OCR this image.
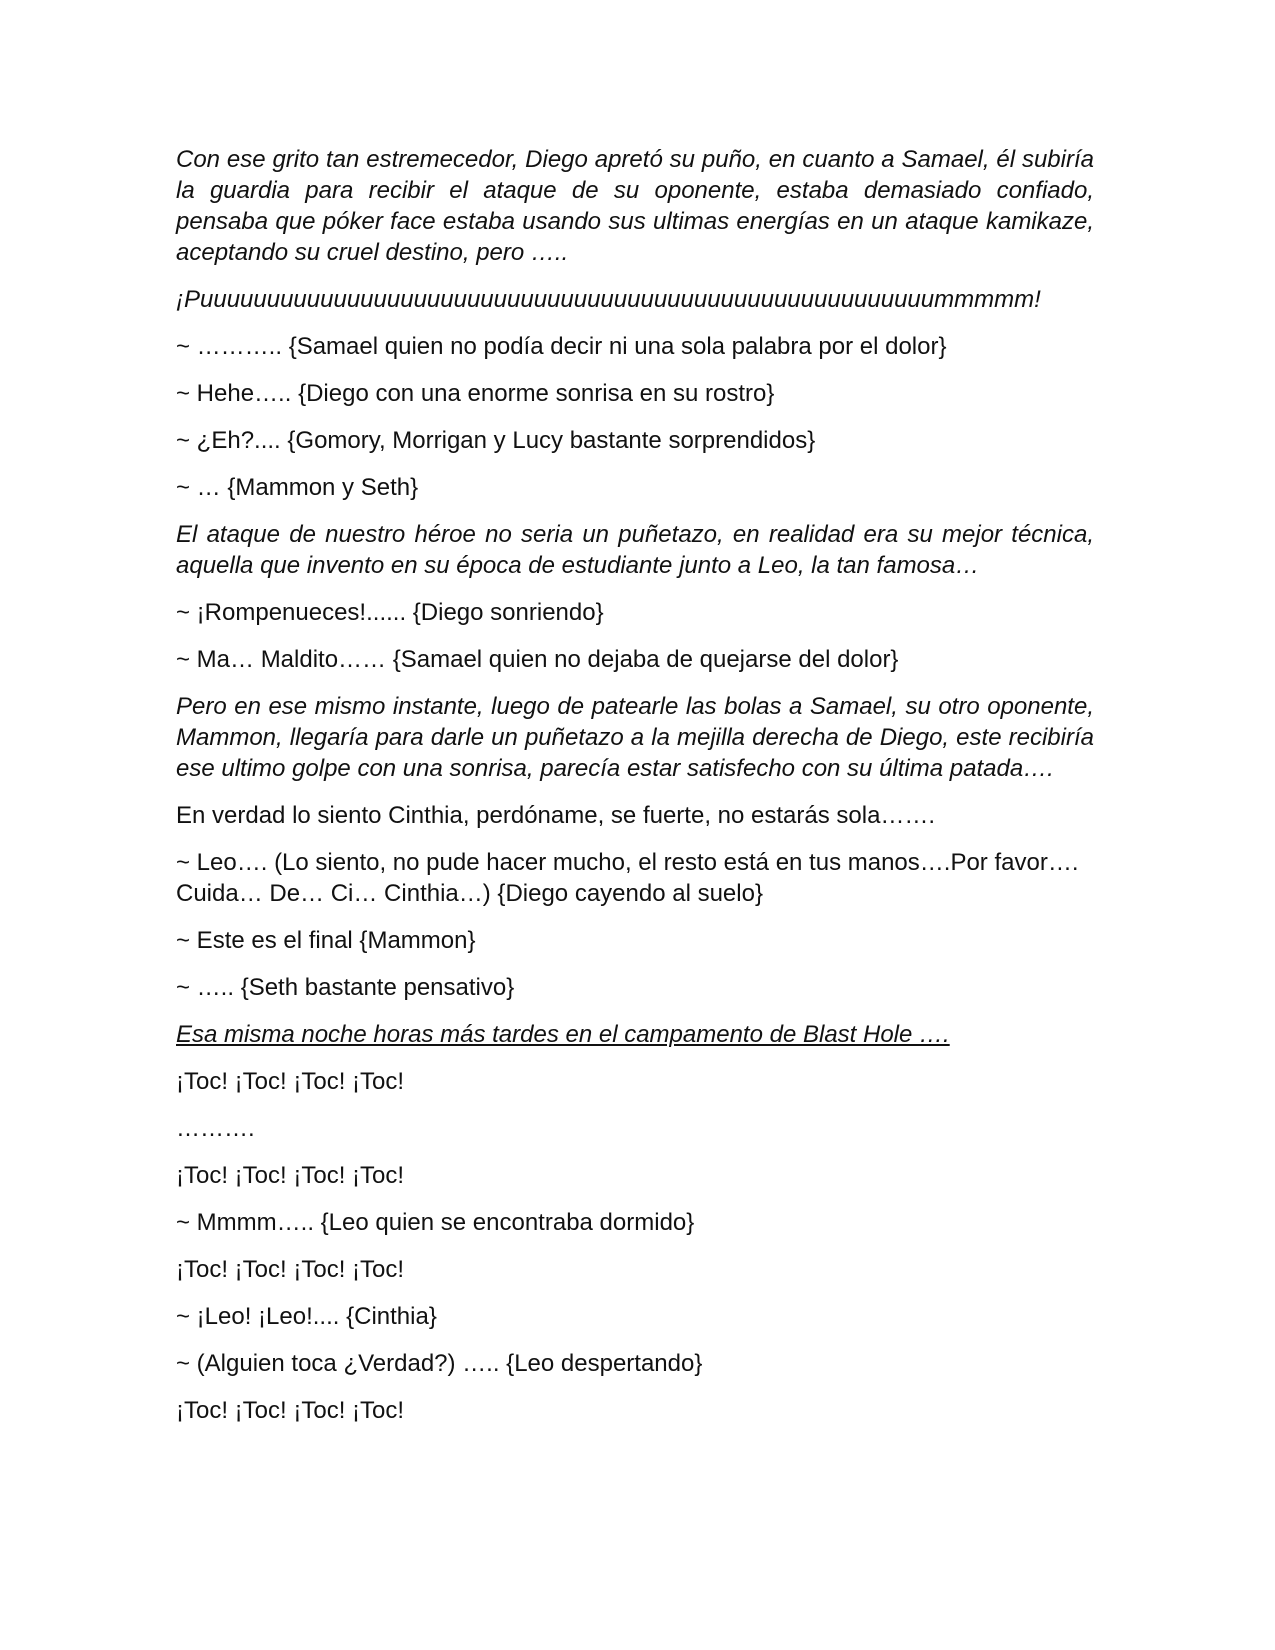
Con ese grito tan estremecedor, Diego apretó su puño, en cuanto a Samael, él subiría la guardia para recibir el ataque de su oponente, estaba demasiado confiado, pensaba que póker face estaba usando sus ultimas energías en un ataque kamikaze, aceptando su cruel destino, pero …..

¡Puuuuuuuuuuuuuuuuuuuuuuuuuuuuuuuuuuuuuuuuuuuuuuuuuuuuuuummmmm!

~ ……….. {Samael quien no podía decir ni una sola palabra por el dolor}

~ Hehe….. {Diego con una enorme sonrisa en su rostro}

~ ¿Eh?.... {Gomory, Morrigan y Lucy bastante sorprendidos}

~ … {Mammon y Seth}

El ataque de nuestro héroe no seria un puñetazo, en realidad era su mejor técnica, aquella que invento en su época de estudiante junto a Leo, la tan famosa…

~ ¡Rompenueces!...... {Diego sonriendo}

~ Ma… Maldito…… {Samael quien no dejaba de quejarse del dolor}

Pero en ese mismo instante, luego de patearle las bolas a Samael, su otro oponente, Mammon, llegaría para darle un puñetazo a la mejilla derecha de Diego, este recibiría ese ultimo golpe con una sonrisa, parecía estar satisfecho con su última patada….

En verdad lo siento Cinthia, perdóname, se fuerte, no estarás sola…….

~ Leo…. (Lo siento, no pude hacer mucho, el resto está en tus manos….Por favor…. Cuida… De… Ci… Cinthia…) {Diego cayendo al suelo}

~ Este es el final {Mammon}

~ ….. {Seth bastante pensativo}

Esa misma noche horas más tardes en el campamento de Blast Hole ….

¡Toc! ¡Toc! ¡Toc! ¡Toc!

……….

¡Toc! ¡Toc! ¡Toc! ¡Toc!

~ Mmmm….. {Leo quien se encontraba dormido}

¡Toc! ¡Toc! ¡Toc! ¡Toc!

~ ¡Leo! ¡Leo!.... {Cinthia}

~ (Alguien toca ¿Verdad?) ….. {Leo despertando}

¡Toc! ¡Toc! ¡Toc! ¡Toc!
